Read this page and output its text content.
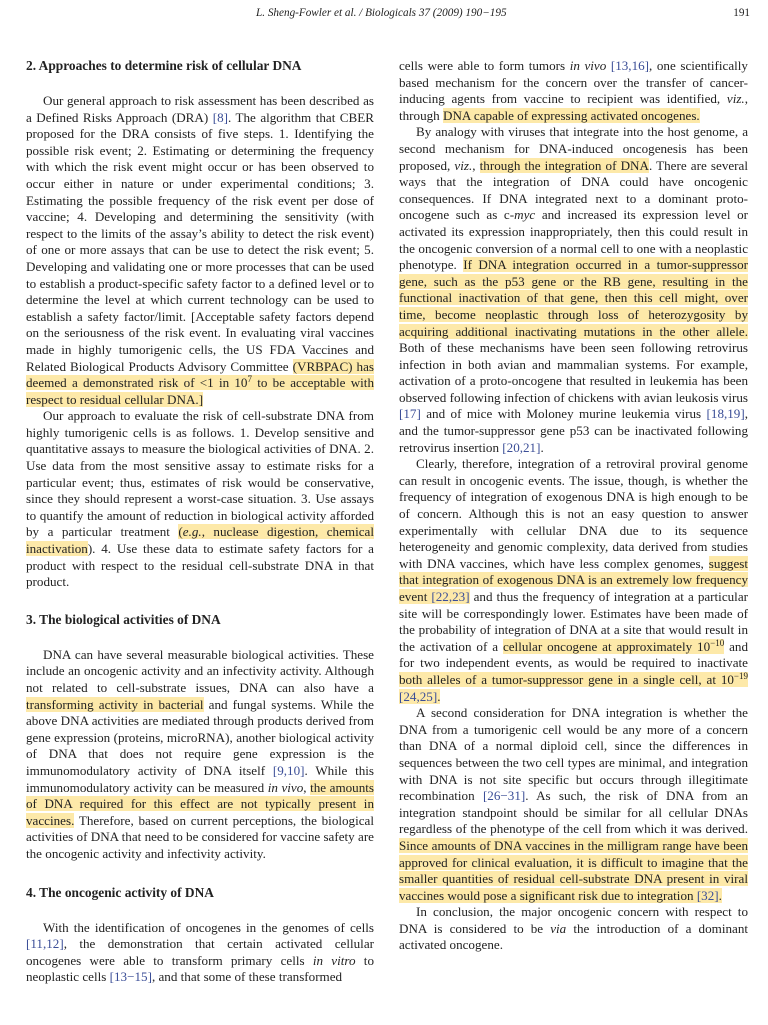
L. Sheng-Fowler et al. / Biologicals 37 (2009) 190−195	191
2. Approaches to determine risk of cellular DNA

Our general approach to risk assessment has been described as a Defined Risks Approach (DRA) [8]. The algorithm that CBER proposed for the DRA consists of five steps. 1. Identifying the possible risk event; 2. Estimating or determining the frequency with which the risk event might occur or has been observed to occur either in nature or under experimental conditions; 3. Estimating the possible frequency of the risk event per dose of vaccine; 4. Developing and determining the sensitivity (with respect to the limits of the assay’s ability to detect the risk event) of one or more assays that can be use to detect the risk event; 5. Developing and validating one or more processes that can be used to establish a product-specific safety factor to a defined level or to determine the level at which current technology can be used to establish a safety factor/limit. [Acceptable safety factors depend on the seriousness of the risk event. In evaluating viral vaccines made in highly tumorigenic cells, the US FDA Vaccines and Related Biological Products Advisory Committee (VRBPAC) has deemed a demonstrated risk of <1 in $10^7$ to be acceptable with respect to residual cellular DNA.]

Our approach to evaluate the risk of cell-substrate DNA from highly tumorigenic cells is as follows. 1. Develop sensitive and quantitative assays to measure the biological activities of DNA. 2. Use data from the most sensitive assay to estimate risks for a particular event; thus, estimates of risk would be conservative, since they should represent a worst-case situation. 3. Use assays to quantify the amount of reduction in biological activity afforded by a particular treatment (e.g., nuclease digestion, chemical inactivation). 4. Use these data to estimate safety factors for a product with respect to the residual cell-substrate DNA in that product.

3. The biological activities of DNA

DNA can have several measurable biological activities. These include an oncogenic activity and an infectivity activity. Although not related to cell-substrate issues, DNA can also have a transforming activity in bacterial and fungal systems. While the above DNA activities are mediated through products derived from gene expression (proteins, microRNA), another biological activity of DNA that does not require gene expression is the immunomodulatory activity of DNA itself [9,10]. While this immunomodulatory activity can be measured in vivo, the amounts of DNA required for this effect are not typically present in vaccines. Therefore, based on current perceptions, the biological activities of DNA that need to be considered for vaccine safety are the oncogenic activity and infectivity activity.

4. The oncogenic activity of DNA

With the identification of oncogenes in the genomes of cells [11,12], the demonstration that certain activated cellular oncogenes were able to transform primary cells in vitro to neoplastic cells [13−15], and that some of these transformed

cells were able to form tumors in vivo [13,16], one scientifically based mechanism for the concern over the transfer of cancer-inducing agents from vaccine to recipient was identified, viz., through DNA capable of expressing activated oncogenes.

By analogy with viruses that integrate into the host genome, a second mechanism for DNA-induced oncogenesis has been proposed, viz., through the integration of DNA. There are several ways that the integration of DNA could have oncogenic consequences. If DNA integrated next to a dominant proto-oncogene such as c-myc and increased its expression level or activated its expression inappropriately, then this could result in the oncogenic conversion of a normal cell to one with a neoplastic phenotype. If DNA integration occurred in a tumor-suppressor gene, such as the p53 gene or the RB gene, resulting in the functional inactivation of that gene, then this cell might, over time, become neoplastic through loss of heterozygosity by acquiring additional inactivating mutations in the other allele. Both of these mechanisms have been seen following retrovirus infection in both avian and mammalian systems. For example, activation of a proto-oncogene that resulted in leukemia has been observed following infection of chickens with avian leukosis virus [17] and of mice with Moloney murine leukemia virus [18,19], and the tumor-suppressor gene p53 can be inactivated following retrovirus insertion [20,21].

Clearly, therefore, integration of a retroviral proviral genome can result in oncogenic events. The issue, though, is whether the frequency of integration of exogenous DNA is high enough to be of concern. Although this is not an easy question to answer experimentally with cellular DNA due to its sequence heterogeneity and genomic complexity, data derived from studies with DNA vaccines, which have less complex genomes, suggest that integration of exogenous DNA is an extremely low frequency event [22,23] and thus the frequency of integration at a particular site will be correspondingly lower. Estimates have been made of the probability of integration of DNA at a site that would result in the activation of a cellular oncogene at approximately $10^{-10}$ and for two independent events, as would be required to inactivate both alleles of a tumor-suppressor gene in a single cell, at $10^{-19}$ [24,25].

A second consideration for DNA integration is whether the DNA from a tumorigenic cell would be any more of a concern than DNA of a normal diploid cell, since the differences in sequences between the two cell types are minimal, and integration with DNA is not site specific but occurs through illegitimate recombination [26−31]. As such, the risk of DNA from an integration standpoint should be similar for all cellular DNAs regardless of the phenotype of the cell from which it was derived. Since amounts of DNA vaccines in the milligram range have been approved for clinical evaluation, it is difficult to imagine that the smaller quantities of residual cell-substrate DNA present in viral vaccines would pose a significant risk due to integration [32].

In conclusion, the major oncogenic concern with respect to DNA is considered to be via the introduction of a dominant activated oncogene.
